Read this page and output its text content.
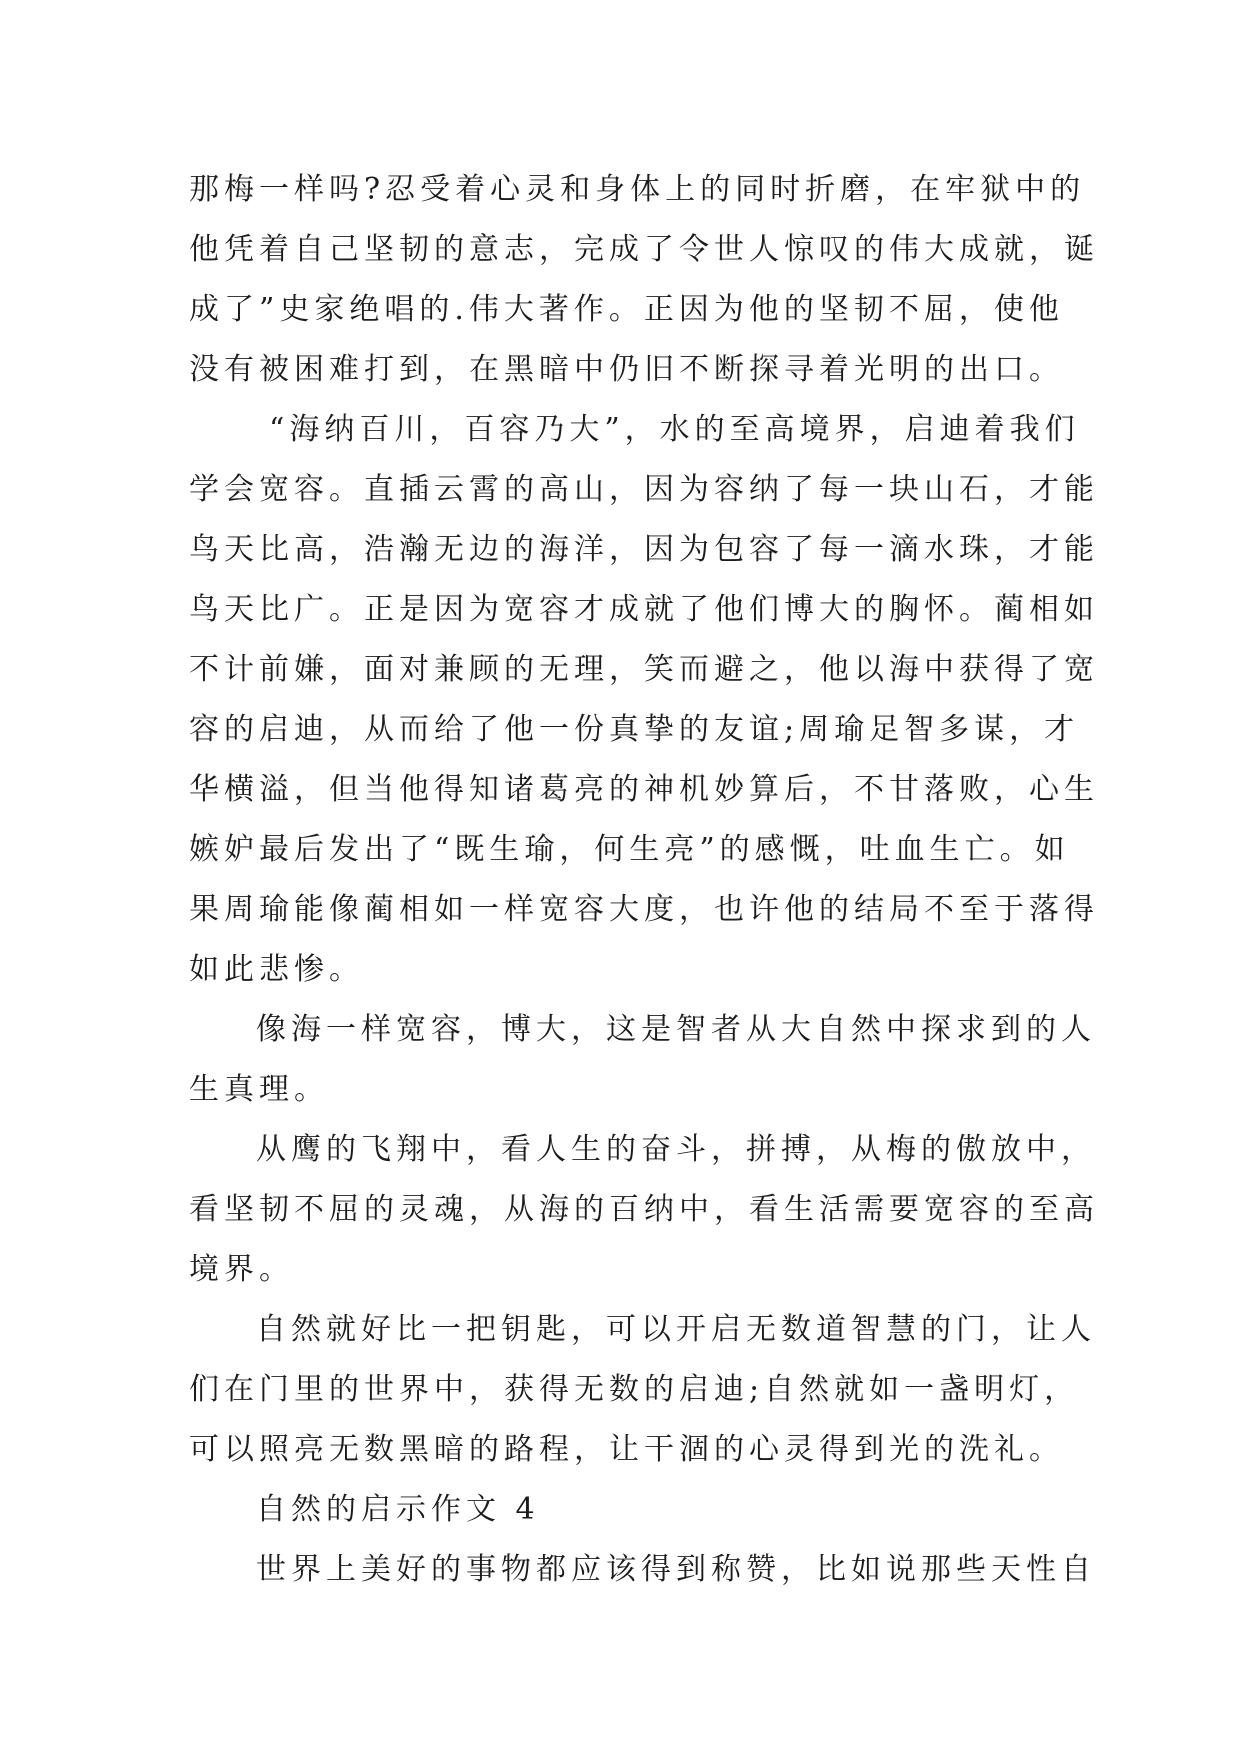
那梅一样吗?忍受着心灵和身体上的同时折磨，在牢狱中的
他凭着自己坚韧的意志，完成了令世人惊叹的伟大成就，诞
成了”史家绝唱的.伟大著作。正因为他的坚韧不屈，使他
没有被困难打到，在黑暗中仍旧不断探寻着光明的出口。
“海纳百川，百容乃大”，水的至高境界，启迪着我们
学会宽容。直插云霄的高山，因为容纳了每一块山石，才能
鸟天比高，浩瀚无边的海洋，因为包容了每一滴水珠，才能
鸟天比广。正是因为宽容才成就了他们博大的胸怀。蔺相如
不计前嫌，面对兼顾的无理，笑而避之，他以海中获得了宽
容的启迪，从而给了他一份真挚的友谊;周瑜足智多谋，才
华横溢，但当他得知诸葛亮的神机妙算后，不甘落败，心生
嫉妒最后发出了“既生瑜，何生亮”的感慨，吐血生亡。如
果周瑜能像蔺相如一样宽容大度，也许他的结局不至于落得
如此悲惨。
像海一样宽容，博大，这是智者从大自然中探求到的人
生真理。
从鹰的飞翔中，看人生的奋斗，拼搏，从梅的傲放中，
看坚韧不屈的灵魂，从海的百纳中，看生活需要宽容的至高
境界。
自然就好比一把钥匙，可以开启无数道智慧的门，让人
们在门里的世界中，获得无数的启迪;自然就如一盏明灯，
可以照亮无数黑暗的路程，让干涸的心灵得到光的洗礼。
自然的启示作文 4
世界上美好的事物都应该得到称赞，比如说那些天性自
